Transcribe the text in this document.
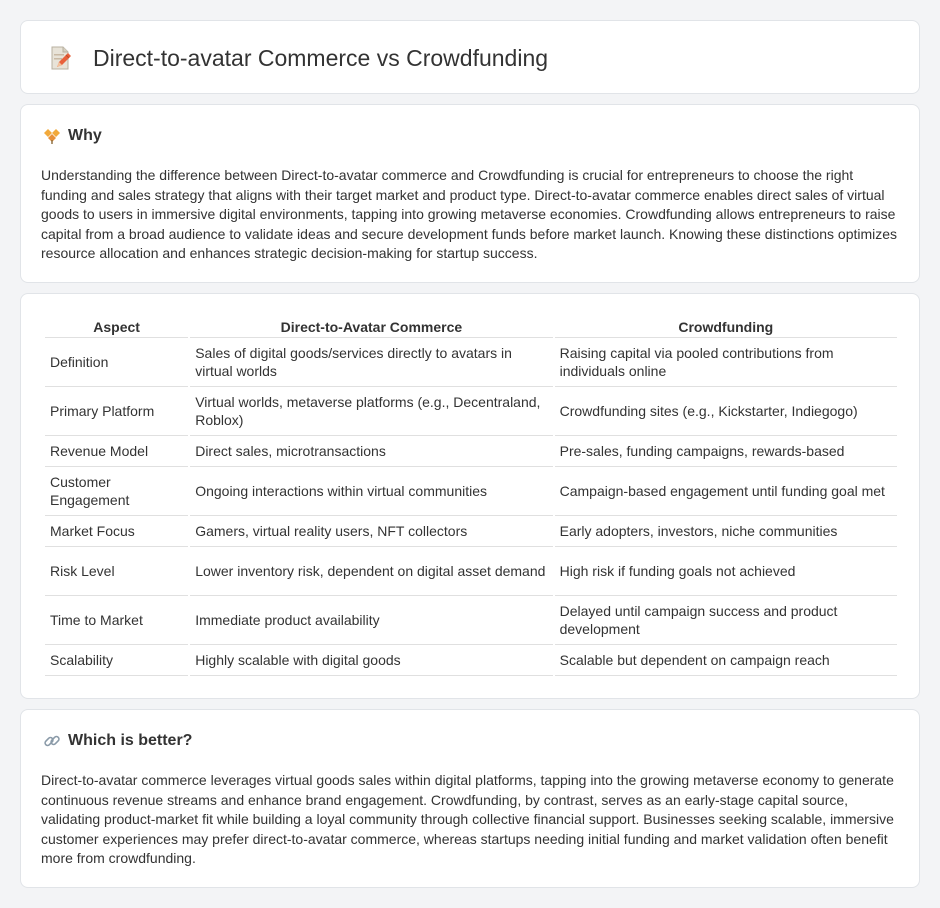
Direct-to-avatar Commerce vs Crowdfunding
Why

Understanding the difference between Direct-to-avatar commerce and Crowdfunding is crucial for entrepreneurs to choose the right funding and sales strategy that aligns with their target market and product type. Direct-to-avatar commerce enables direct sales of virtual goods to users in immersive digital environments, tapping into growing metaverse economies. Crowdfunding allows entrepreneurs to raise capital from a broad audience to validate ideas and secure development funds before market launch. Knowing these distinctions optimizes resource allocation and enhances strategic decision-making for startup success.

Aspect	Direct-to-Avatar Commerce	Crowdfunding
Definition	Sales of digital goods/services directly to avatars in virtual worlds	Raising capital via pooled contributions from individuals online
Primary Platform	Virtual worlds, metaverse platforms (e.g., Decentraland, Roblox)	Crowdfunding sites (e.g., Kickstarter, Indiegogo)
Revenue Model	Direct sales, microtransactions	Pre-sales, funding campaigns, rewards-based
Customer Engagement	Ongoing interactions within virtual communities	Campaign-based engagement until funding goal met
Market Focus	Gamers, virtual reality users, NFT collectors	Early adopters, investors, niche communities
Risk Level	Lower inventory risk, dependent on digital asset demand	High risk if funding goals not achieved
Time to Market	Immediate product availability	Delayed until campaign success and product development
Scalability	Highly scalable with digital goods	Scalable but dependent on campaign reach
Which is better?

Direct-to-avatar commerce leverages virtual goods sales within digital platforms, tapping into the growing metaverse economy to generate continuous revenue streams and enhance brand engagement. Crowdfunding, by contrast, serves as an early-stage capital source, validating product-market fit while building a loyal community through collective financial support. Businesses seeking scalable, immersive customer experiences may prefer direct-to-avatar commerce, whereas startups needing initial funding and market validation often benefit more from crowdfunding.
